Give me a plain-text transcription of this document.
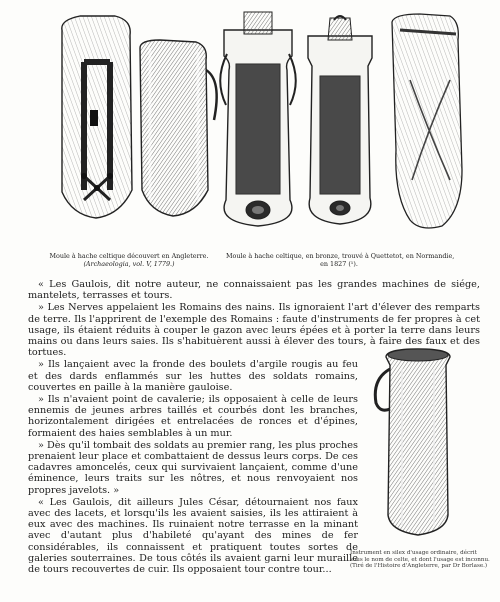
Moule à hache celtique découvert en Angleterre.
(Archaeologia, vol. V, 1779.)
Moule à hache celtique, en bronze, trouvé à Quettetot, en Normandie,
en 1827 (¹).

« Les Gaulois, dit notre auteur, ne connaissaient pas les grandes machines de siége, mantelets, terrasses et tours.

» Les Nerves appelaient les Romains des nains. Ils ignoraient l'art d'élever des remparts de terre. Ils l'apprirent de l'exemple des Romains : faute d'instruments de fer propres à cet usage, ils étaient réduits à couper le gazon avec leurs épées et à porter la terre dans leurs mains ou dans leurs saies. Ils s'habituèrent aussi à élever des tours, à faire des faux et des tortues.

» Ils lançaient avec la fronde des boulets d'argile rougis au feu et des dards enflammés sur les huttes des soldats romains, couvertes en paille à la manière gauloise.

» Ils n'avaient point de cavalerie; ils opposaient à celle de leurs ennemis de jeunes arbres taillés et courbés dont les branches, horizontalement dirigées et entrelacées de ronces et d'épines, formaient des haies semblables à un mur.

» Dès qu'il tombait des soldats au premier rang, les plus proches prenaient leur place et combattaient de dessus leurs corps. De ces cadavres amoncelés, ceux qui survivaient lançaient, comme d'une éminence, leurs traits sur les nôtres, et nous renvoyaient nos propres javelots. »

« Les Gaulois, dit ailleurs Jules César, détournaient nos faux avec des lacets, et lorsqu'ils les avaient saisies, ils les attiraient à eux avec des machines. Ils ruinaient notre terrasse en la minant avec d'autant plus d'habileté qu'ayant des mines de fer considérables, ils connaissent et pratiquent toutes sortes de galeries souterraines. De tous côtés ils avaient garni leur muraille de tours recouvertes de cuir. Ils opposaient tour contre tour...

Instrument en silex d'usage ordinaire, décrit sous le nom de celte, et dont l'usage est inconnu. (Tiré de l'Histoire d'Angleterre, par Dr Borlase.)
